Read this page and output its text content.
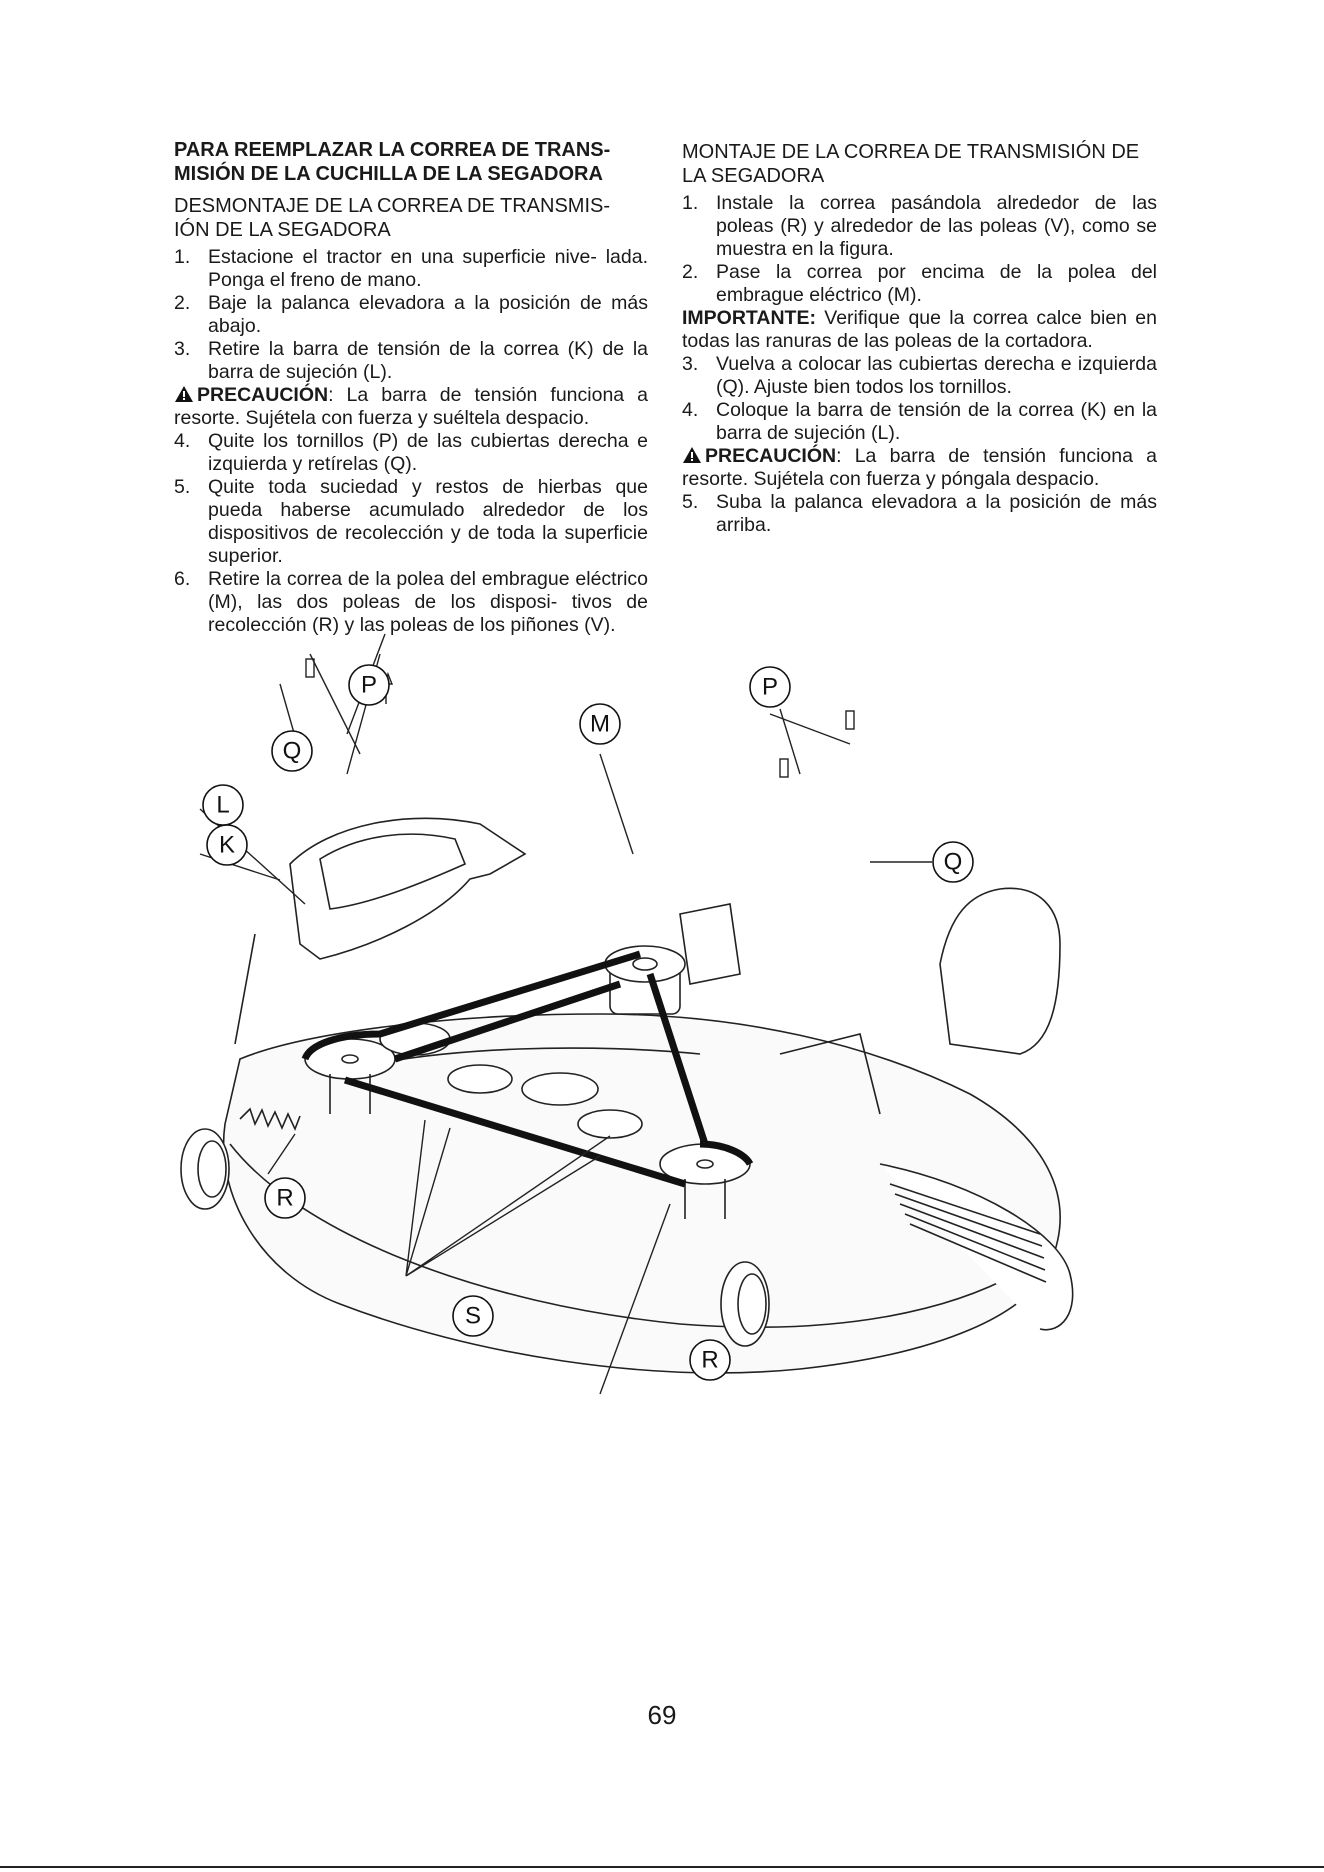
PARA REEMPLAZAR LA CORREA DE TRANS- MISIÓN DE LA CUCHILLA DE LA SEGADORA
DESMONTAJE DE LA CORREA DE TRANSMIS- IÓN DE LA SEGADORA
1. Estacione el tractor en una superficie nive- lada. Ponga el freno de mano.
2. Baje la palanca elevadora a la posición de más abajo.
3. Retire la barra de tensión de la correa (K) de la barra de sujeción (L).

PRECAUCIÓN: La barra de tensión funciona a resorte. Sujétela con fuerza y suéltela despacio.

4. Quite los tornillos (P) de las cubiertas derecha e izquierda y retírelas (Q).
5. Quite toda suciedad y restos de hierbas que pueda haberse acumulado alrededor de los dispositivos de recolección y de toda la superficie superior.
6. Retire la correa de la polea del embrague eléctrico (M), las dos poleas de los disposi- tivos de recolección (R) y las poleas de los piñones (V).
MONTAJE DE LA CORREA DE TRANSMISIÓN DE LA SEGADORA
1. Instale la correa pasándola alrededor de las poleas (R) y alrededor de las poleas (V), como se muestra en la figura.
2. Pase la correa por encima de la polea del embrague eléctrico (M).

IMPORTANTE: Verifique que la correa calce bien en todas las ranuras de las poleas de la cortadora.

3. Vuelva a colocar las cubiertas derecha e izquierda (Q). Ajuste bien todos los tornillos.
4. Coloque la barra de tensión de la correa (K) en la barra de sujeción (L).

PRECAUCIÓN: La barra de tensión funciona a resorte. Sujétela con fuerza y póngala despacio.

5. Suba la palanca elevadora a la posición de más arriba.
P
Q
L
K
M
P
Q
R
S
R
69
